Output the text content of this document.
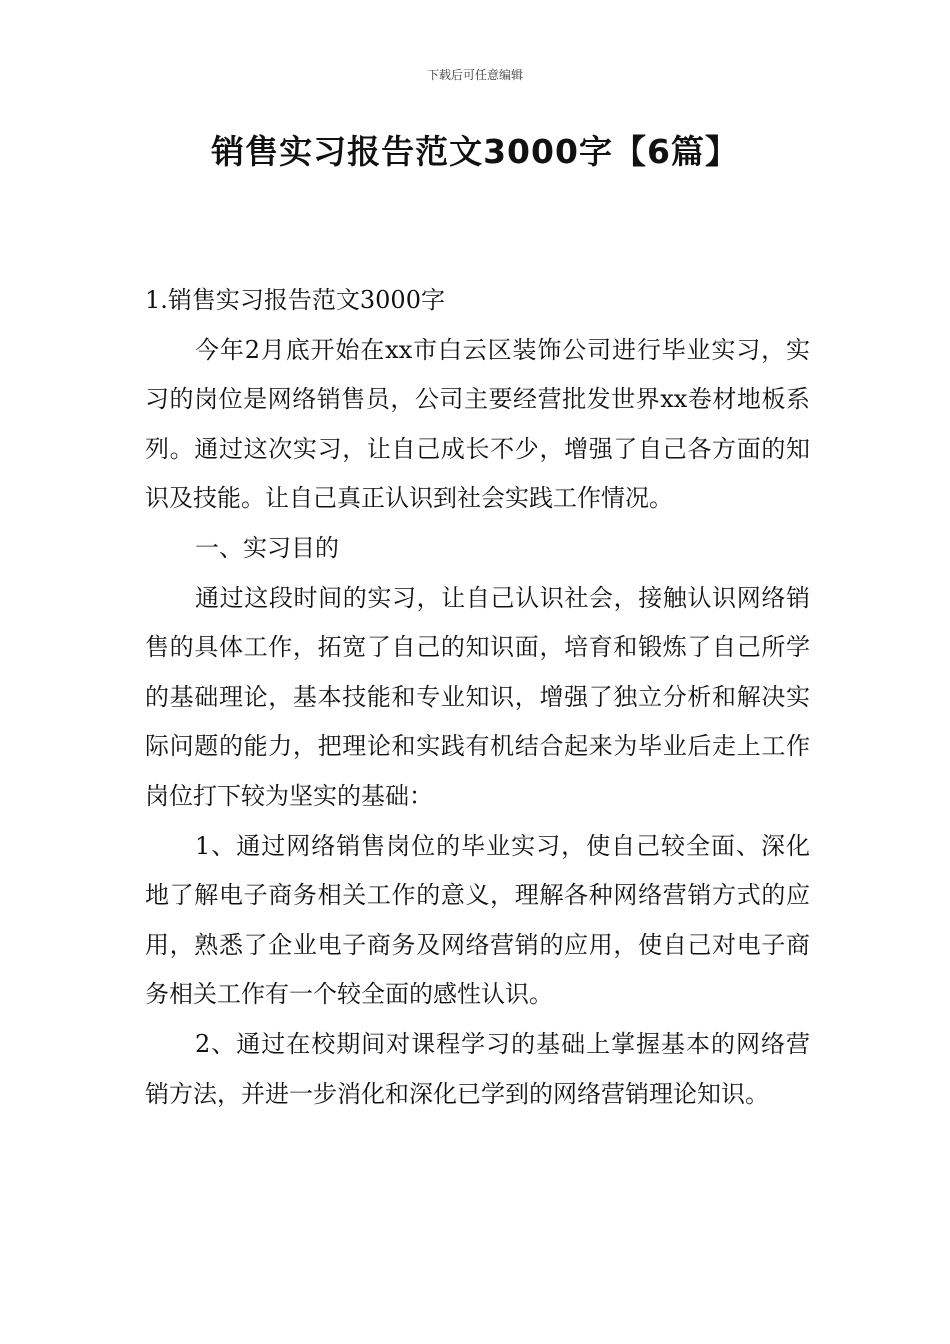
下载后可任意编辑
销售实习报告范文3000字【6篇】

1.销售实习报告范文3000字

今年2月底开始在xx市白云区装饰公司进行毕业实习，实习的岗位是网络销售员，公司主要经营批发世界xx卷材地板系列。通过这次实习，让自己成长不少，增强了自己各方面的知识及技能。让自己真正认识到社会实践工作情况。

一、实习目的

通过这段时间的实习，让自己认识社会，接触认识网络销售的具体工作，拓宽了自己的知识面，培育和锻炼了自己所学的基础理论，基本技能和专业知识，增强了独立分析和解决实际问题的能力，把理论和实践有机结合起来为毕业后走上工作岗位打下较为坚实的基础：

1、通过网络销售岗位的毕业实习，使自己较全面、深化地了解电子商务相关工作的意义，理解各种网络营销方式的应用，熟悉了企业电子商务及网络营销的应用，使自己对电子商务相关工作有一个较全面的感性认识。

2、通过在校期间对课程学习的基础上掌握基本的网络营销方法，并进一步消化和深化已学到的网络营销理论知识。
